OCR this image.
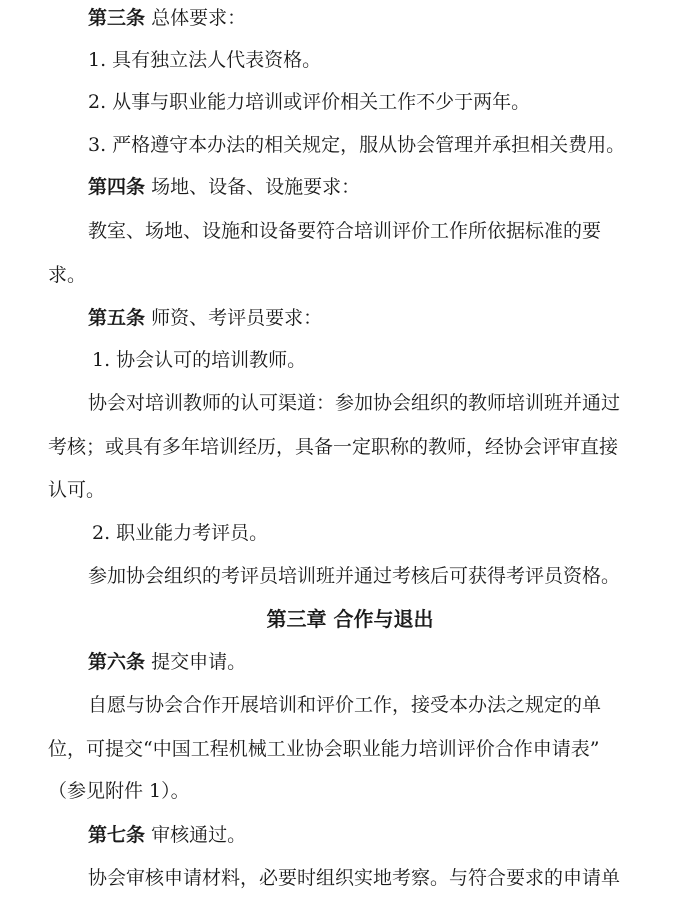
第三条 总体要求：

1. 具有独立法人代表资格。

2. 从事与职业能力培训或评价相关工作不少于两年。

3. 严格遵守本办法的相关规定，服从协会管理并承担相关费用。

第四条 场地、设备、设施要求：

教室、场地、设施和设备要符合培训评价工作所依据标准的要

求。

第五条 师资、考评员要求：

1. 协会认可的培训教师。

协会对培训教师的认可渠道：参加协会组织的教师培训班并通过

考核；或具有多年培训经历，具备一定职称的教师，经协会评审直接

认可。

2. 职业能力考评员。

参加协会组织的考评员培训班并通过考核后可获得考评员资格。

第三章 合作与退出

第六条 提交申请。

自愿与协会合作开展培训和评价工作，接受本办法之规定的单

位，可提交“中国工程机械工业协会职业能力培训评价合作申请表”

（参见附件 1）。

第七条 审核通过。

协会审核申请材料，必要时组织实地考察。与符合要求的申请单
